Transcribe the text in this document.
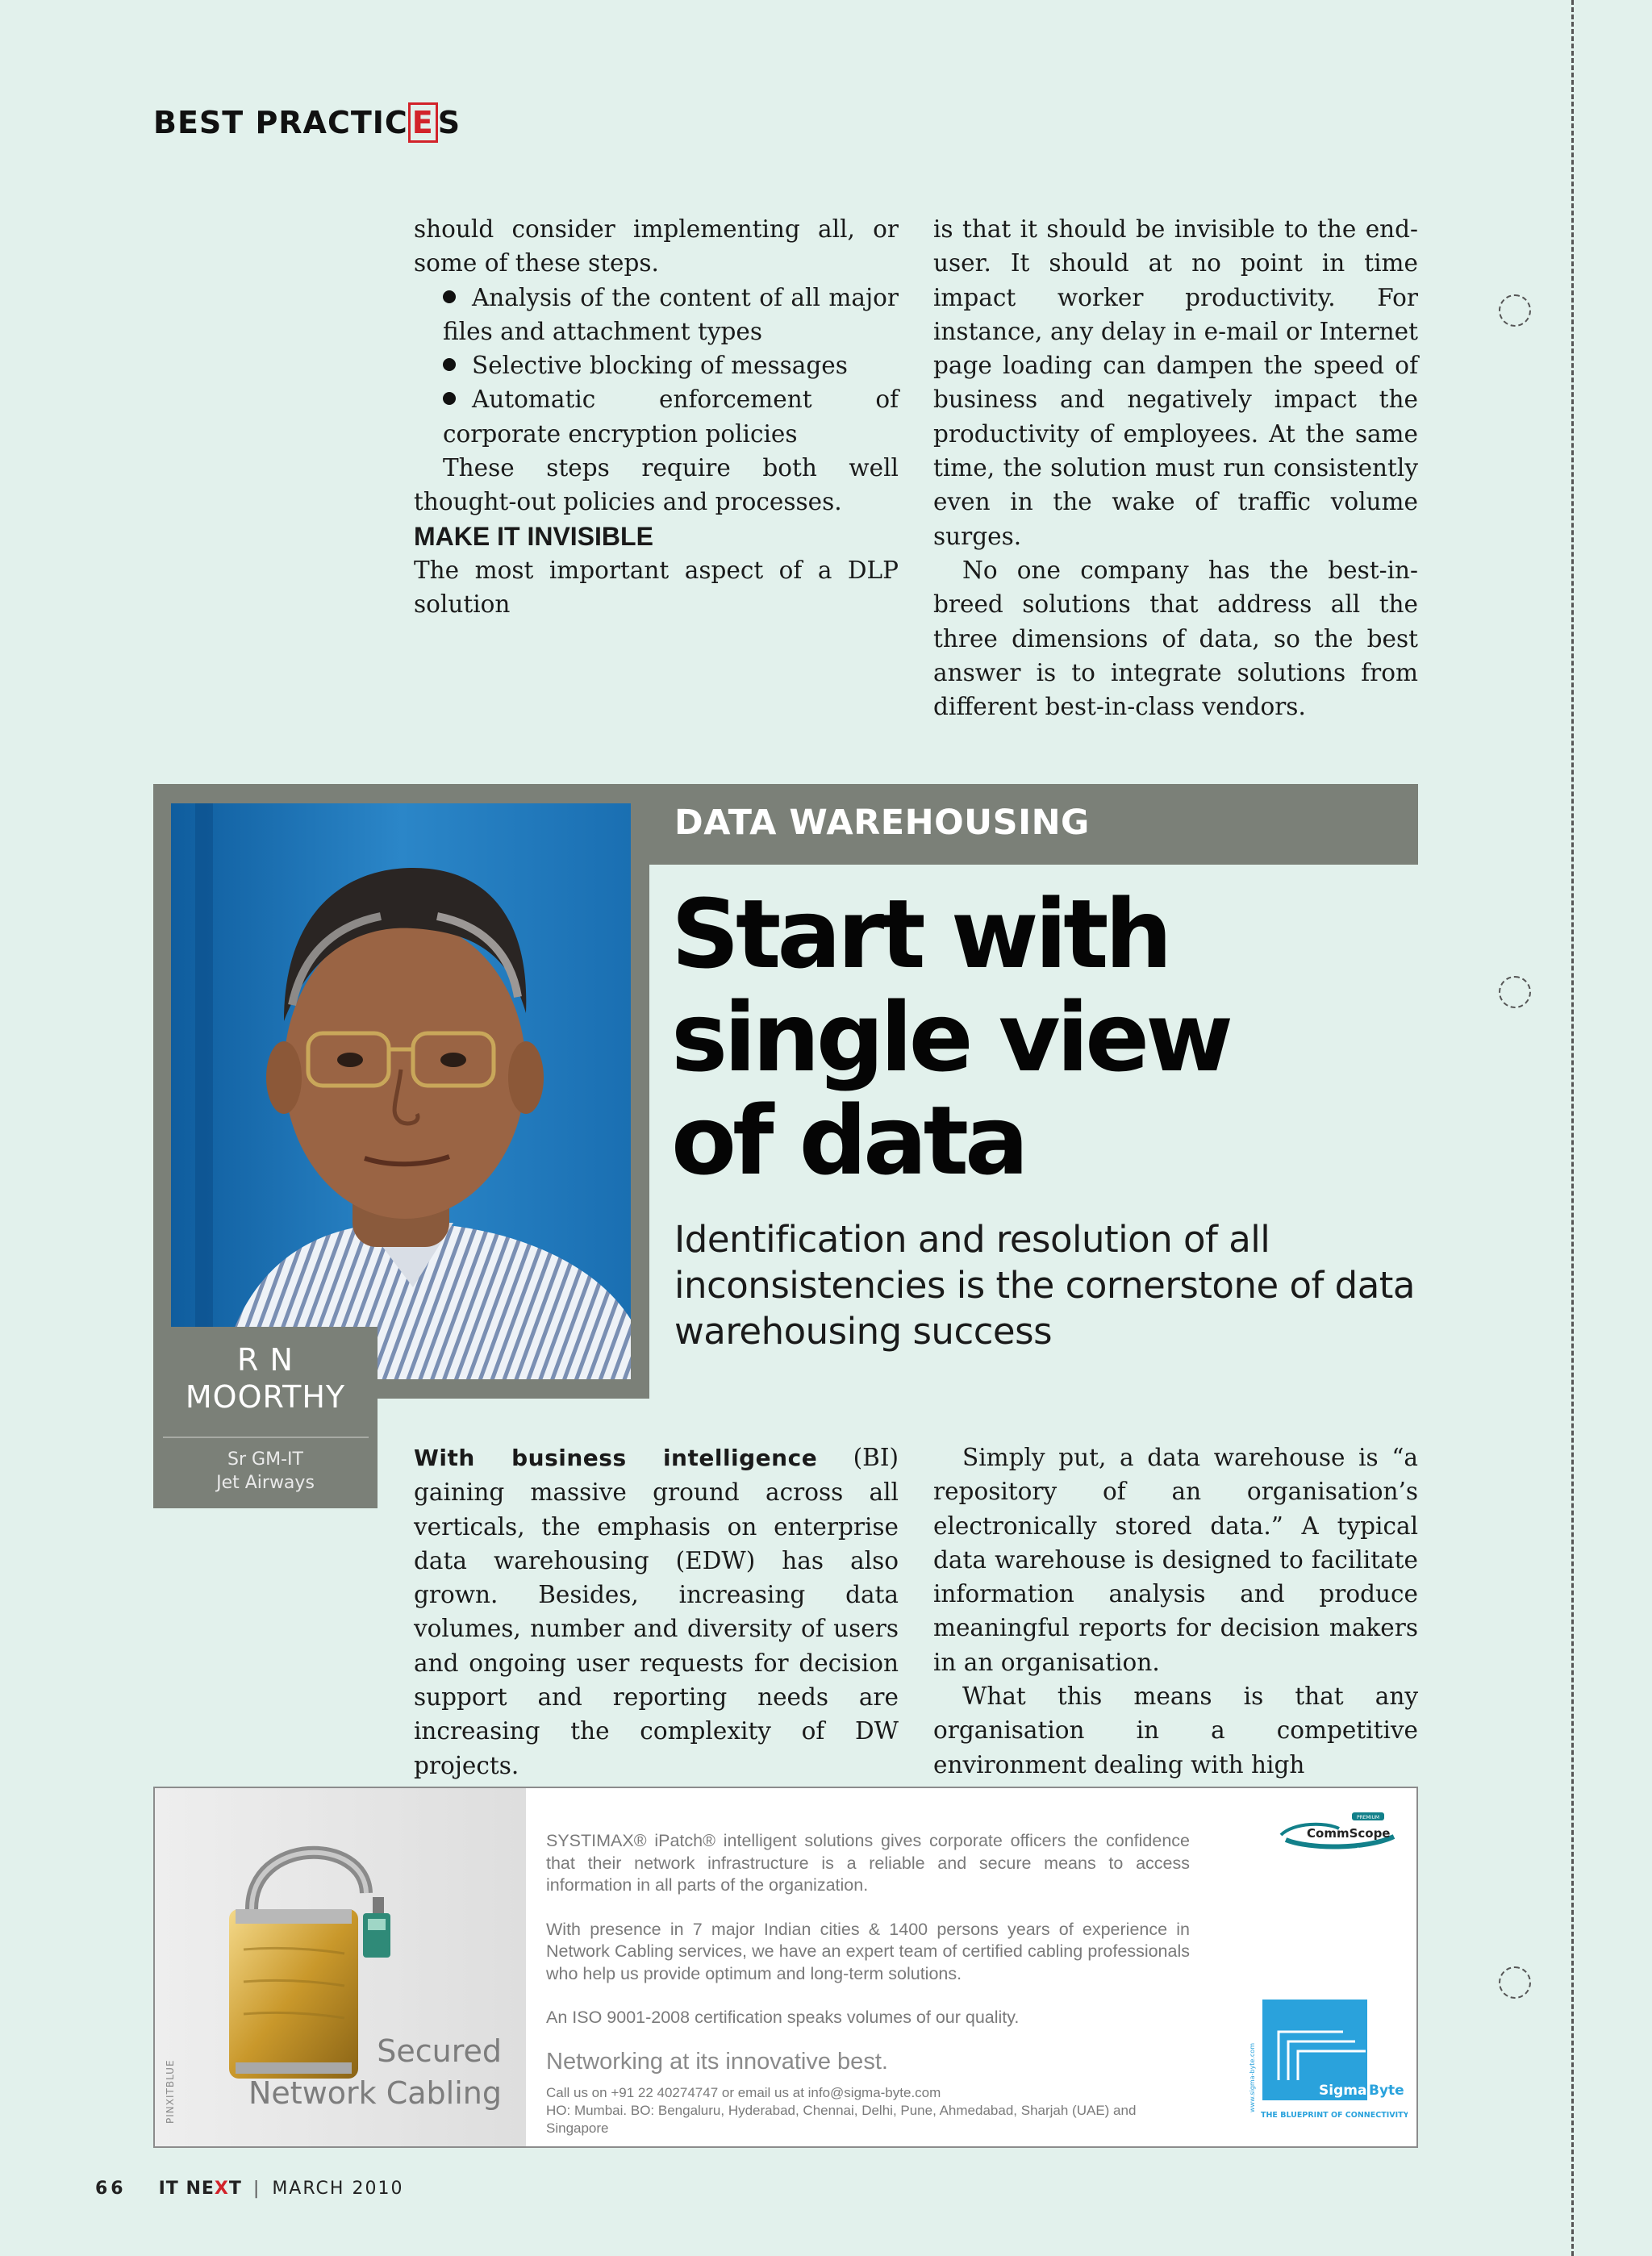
BEST PRACTIC E S

should consider implementing all, or some of these steps.

Analysis of the content of all major files and attachment types

Selective blocking of messages

Automatic enforcement of corporate encryption policies

These steps require both well thought-out policies and processes.

MAKE IT INVISIBLE

The most important aspect of a DLP solution

is that it should be invisible to the end-user. It should at no point in time impact worker productivity. For instance, any delay in e-mail or Internet page loading can dampen the speed of business and negatively impact the productivity of employees. At the same time, the solution must run consistently even in the wake of traffic volume surges.

No one company has the best-in-breed solutions that address all the three dimensions of data, so the best answer is to integrate solutions from different best-in-class vendors.

R N
MOORTHY
Sr GM-IT
Jet Airways
DATA WAREHOUSING
Start with
single view
of data
Identification and resolution of all inconsistencies is the cornerstone of data warehousing success

With business intelligence (BI) gaining massive ground across all verticals, the emphasis on enterprise data warehousing (EDW) has also grown. Besides, increasing data volumes, number and diversity of users and ongoing user requests for decision support and reporting needs are increasing the complexity of DW projects.

Simply put, a data warehouse is “a repository of an organisation’s electronically stored data.” A typical data warehouse is designed to facilitate information analysis and produce meaningful reports for decision makers in an organisation.

What this means is that any organisation in a competitive environment dealing with high

Secured
Network Cabling
PINXITBLUE

SYSTIMAX® iPatch® intelligent solutions gives corporate officers the confidence that their network infrastructure is a reliable and secure means to access information in all parts of the organization.

With presence in 7 major Indian cities & 1400 persons years of experience in Network Cabling services, we have an expert team of certified cabling professionals who help us provide optimum and long-term solutions.

An ISO 9001-2008 certification speaks volumes of our quality.

Networking at its innovative best.

Call us on +91 22 40274747 or email us at info@sigma-byte.com

HO: Mumbai. BO: Bengaluru, Hyderabad, Chennai, Delhi, Pune, Ahmedabad, Sharjah (UAE) and Singapore

PREMIUM
CommScope
solutions partner
www.sigma-byte.com	Sigma Byte
THE BLUEPRINT OF CONNECTIVITY
66 IT NEXT | MARCH 2010
